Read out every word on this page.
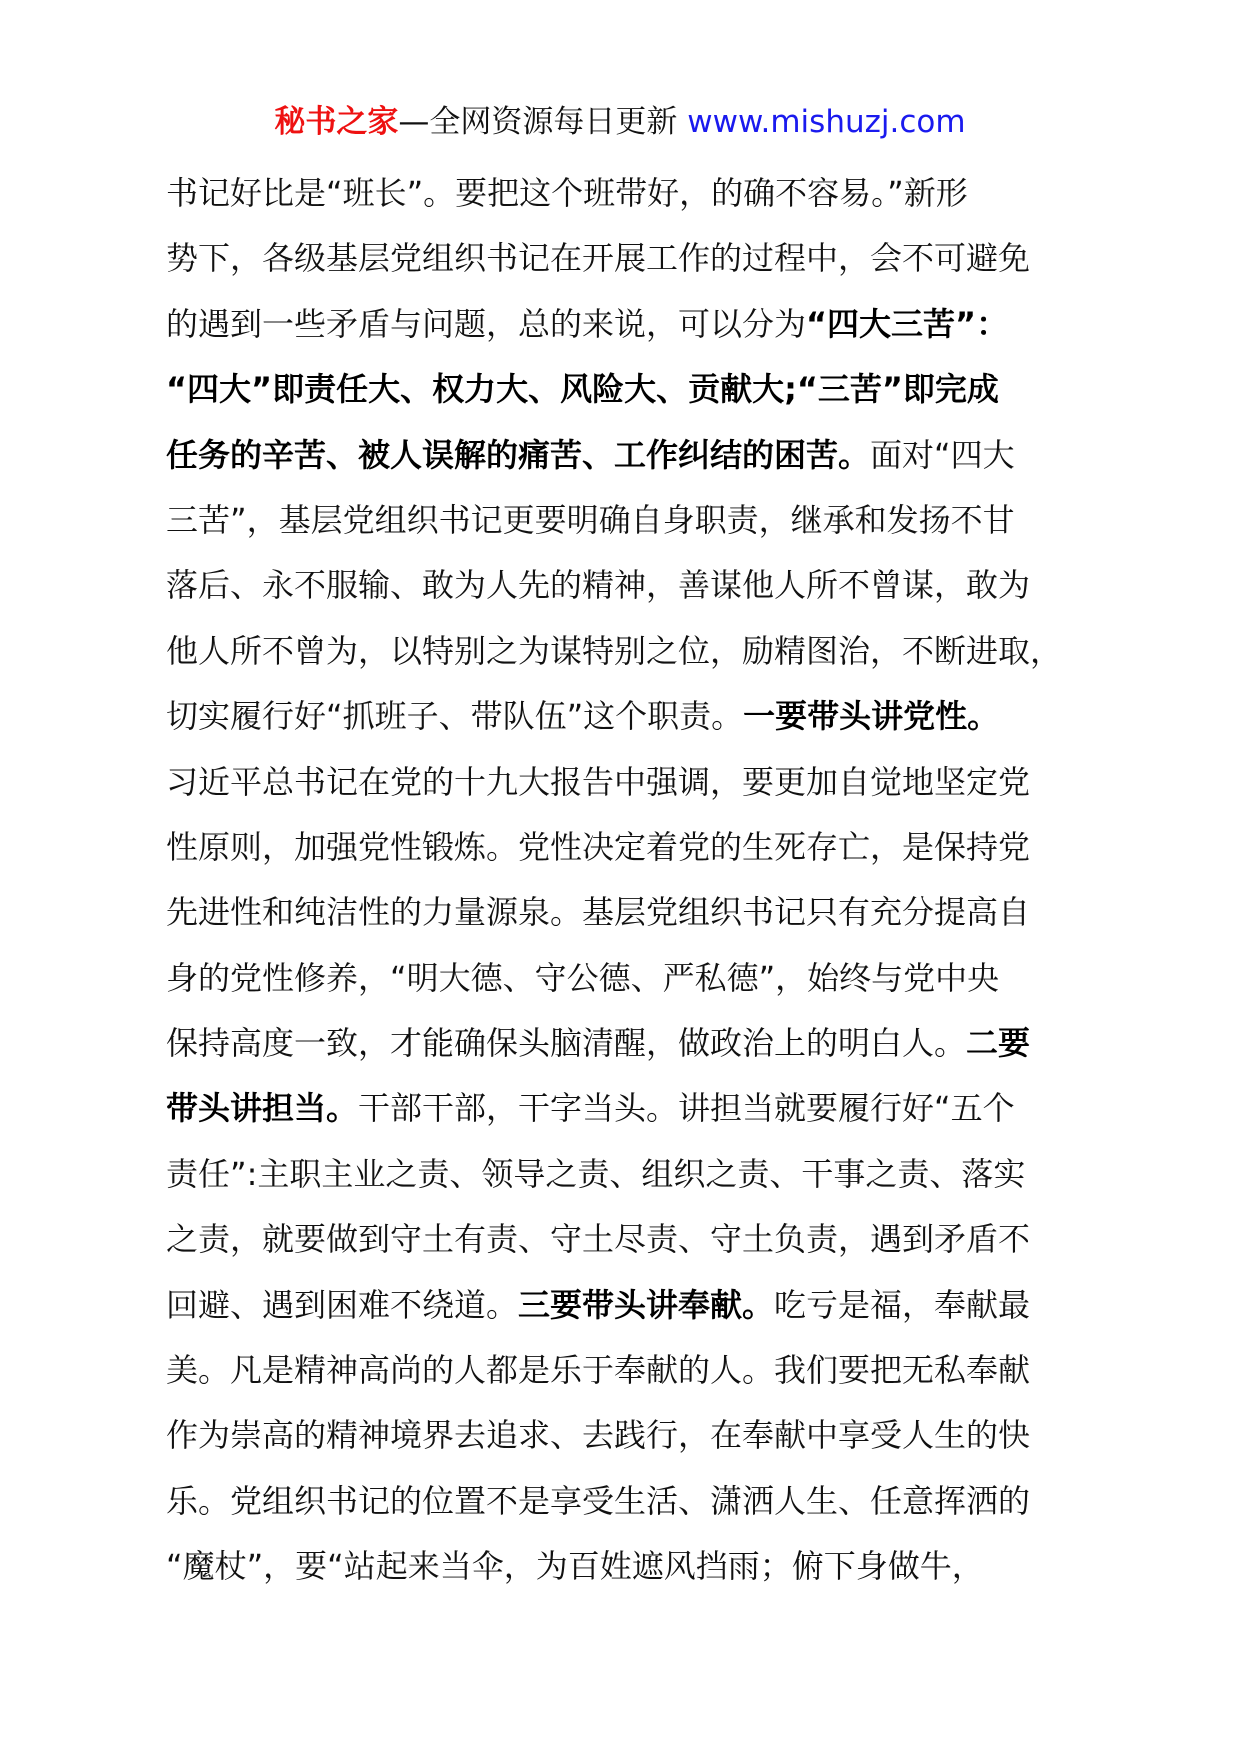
秘书之家—全网资源每日更新 www.mishuzj.com
书记好比是“班长”。要把这个班带好，的确不容易。”新形
势下，各级基层党组织书记在开展工作的过程中，会不可避免
的遇到一些矛盾与问题，总的来说，可以分为“四大三苦”：
“四大”即责任大、权力大、风险大、贡献大;“三苦”即完成
任务的辛苦、被人误解的痛苦、工作纠结的困苦。面对“四大
三苦”，基层党组织书记更要明确自身职责，继承和发扬不甘
落后、永不服输、敢为人先的精神，善谋他人所不曾谋，敢为
他人所不曾为，以特别之为谋特别之位，励精图治，不断进取，
切实履行好“抓班子、带队伍”这个职责。一要带头讲党性。
习近平总书记在党的十九大报告中强调，要更加自觉地坚定党
性原则，加强党性锻炼。党性决定着党的生死存亡，是保持党
先进性和纯洁性的力量源泉。基层党组织书记只有充分提高自
身的党性修养，“明大德、守公德、严私德”，始终与党中央
保持高度一致，才能确保头脑清醒，做政治上的明白人。二要
带头讲担当。干部干部，干字当头。讲担当就要履行好“五个
责任”:主职主业之责、领导之责、组织之责、干事之责、落实
之责，就要做到守土有责、守土尽责、守土负责，遇到矛盾不
回避、遇到困难不绕道。三要带头讲奉献。吃亏是福，奉献最
美。凡是精神高尚的人都是乐于奉献的人。我们要把无私奉献
作为崇高的精神境界去追求、去践行，在奉献中享受人生的快
乐。党组织书记的位置不是享受生活、潇洒人生、任意挥洒的
“魔杖”，要“站起来当伞，为百姓遮风挡雨；俯下身做牛，
